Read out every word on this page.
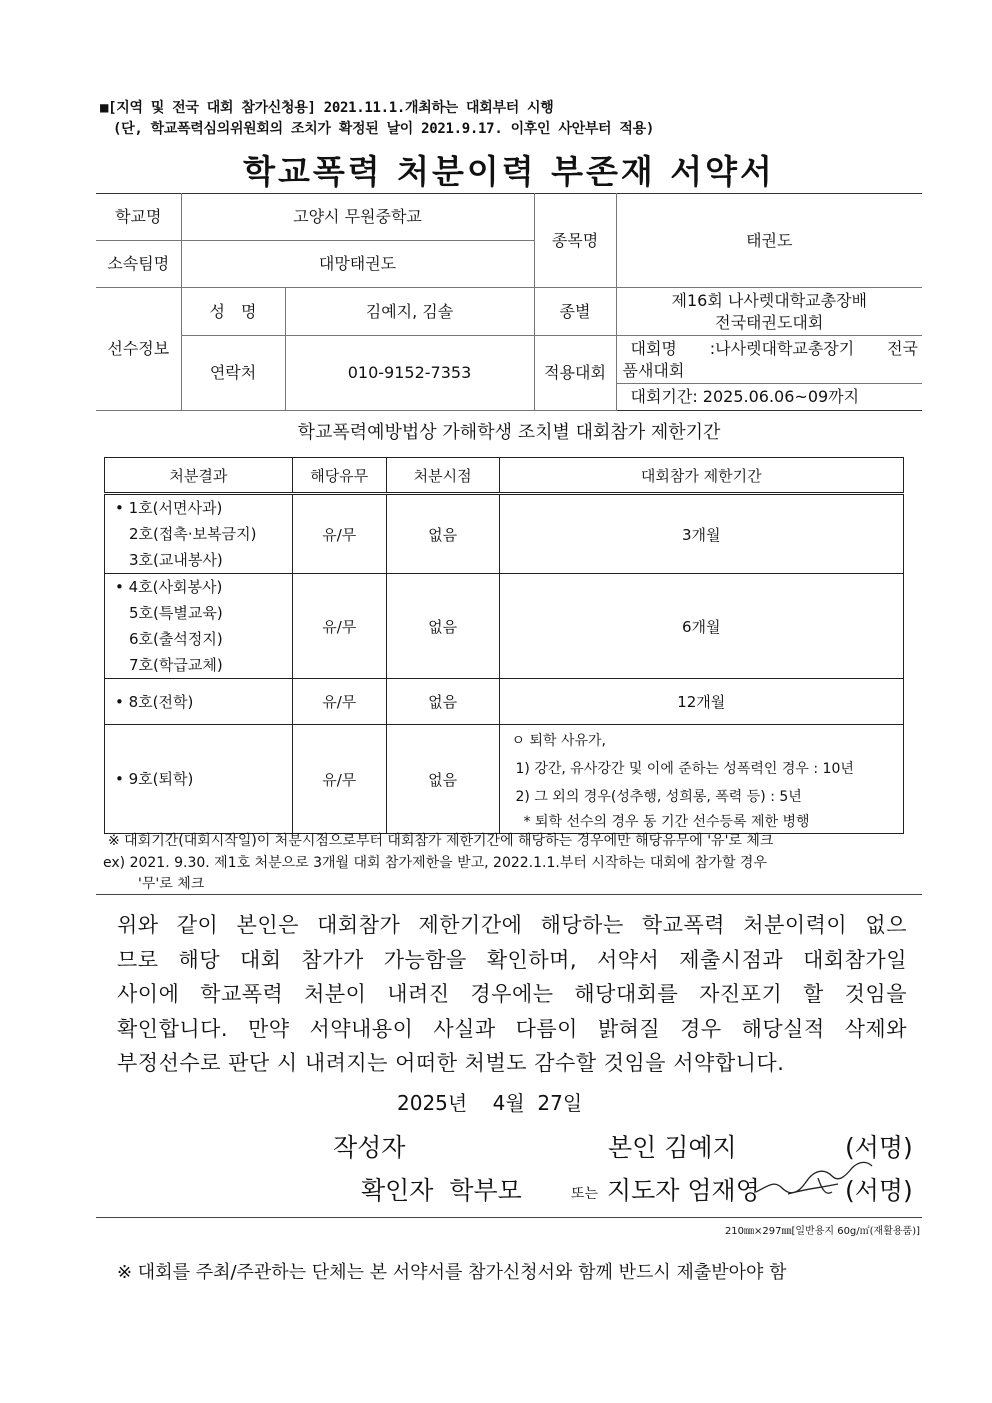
■[지역 및 전국 대회 참가신청용] 2021.11.1.개최하는 대회부터 시행
(단, 학교폭력심의위원회의 조치가 확정된 날이 2021.9.17. 이후인 사안부터 적용)
학교폭력 처분이력 부존재 서약서
학교명	고양시 무원중학교		종목명	태권도
소속팀명	대망태권도			
선수정보	성　명	김예지, 김솔	종별	제16회 나사렛대학교총장배
전국태권도대회

	연락처	010-9152-7353	적용대회	대회명 :나사렛대학교총장기 전국
품새대회

				대회기간: 2025.06.06~09까지
학교폭력예방법상 가해학생 조치별 대회참가 제한기간
처분결과	해당유무	처분시점	대회참가 제한기간

• 1호(서면사과)
2호(접촉·보복금지)
3호(교내봉사)	유/무	없음	3개월

• 4호(사회봉사)
5호(특별교육)
6호(출석정지)
7호(학급교체)	유/무	없음	6개월

• 8호(전학)	유/무	없음	12개월

• 9호(퇴학)	유/무	없음	ㅇ 퇴학 사유가,
1) 강간, 유사강간 및 이에 준하는 성폭력인 경우 : 10년
2) 그 외의 경우(성추행, 성희롱, 폭력 등) : 5년
* 퇴학 선수의 경우 동 기간 선수등록 제한 병행
※ 대회기간(대회시작일)이 처분시점으로부터 대회참가 제한기간에 해당하는 경우에만 해당유무에 '유'로 체크
ex) 2021. 9.30. 제1호 처분으로 3개월 대회 참가제한을 받고, 2022.1.1.부터 시작하는 대회에 참가할 경우
'무'로 체크
위와 같이 본인은 대회참가 제한기간에 해당하는 학교폭력 처분이력이 없으
므로 해당 대회 참가가 가능함을 확인하며, 서약서 제출시점과 대회참가일
사이에 학교폭력 처분이 내려진 경우에는 해당대회를 자진포기 할 것임을
확인합니다. 만약 서약내용이 사실과 다름이 밝혀질 경우 해당실적 삭제와
부정선수로 판단 시 내려지는 어떠한 처벌도 감수할 것임을 서약합니다.
2025년    4월  27일
작성자	본인 김예지	(서명)
확인자  학부모	또는 지도자 엄재영	(서명)
210㎜×297㎜[일반용지 60g/㎡(재활용품)]
※ 대회를 주최/주관하는 단체는 본 서약서를 참가신청서와 함께 반드시 제출받아야 함
